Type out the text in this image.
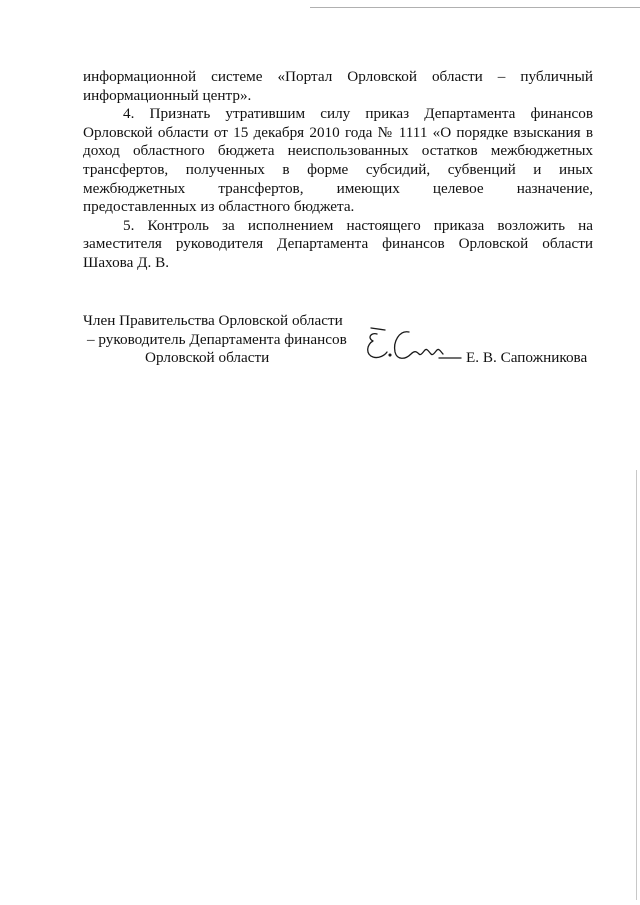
информационной системе «Портал Орловской области – публичный
информационный центр».
4. Признать утратившим силу приказ Департамента финансов
Орловской области от 15 декабря 2010 года № 1111 «О порядке взыскания в
доход областного бюджета неиспользованных остатков межбюджетных
трансфертов, полученных в форме субсидий, субвенций и иных
межбюджетных трансфертов, имеющих целевое назначение,
предоставленных из областного бюджета.
5. Контроль за исполнением настоящего приказа возложить на
заместителя руководителя Департамента финансов Орловской области
Шахова Д. В.
Член Правительства Орловской области
– руководитель Департамента финансов
Орловской области	Е. В. Сапожникова
